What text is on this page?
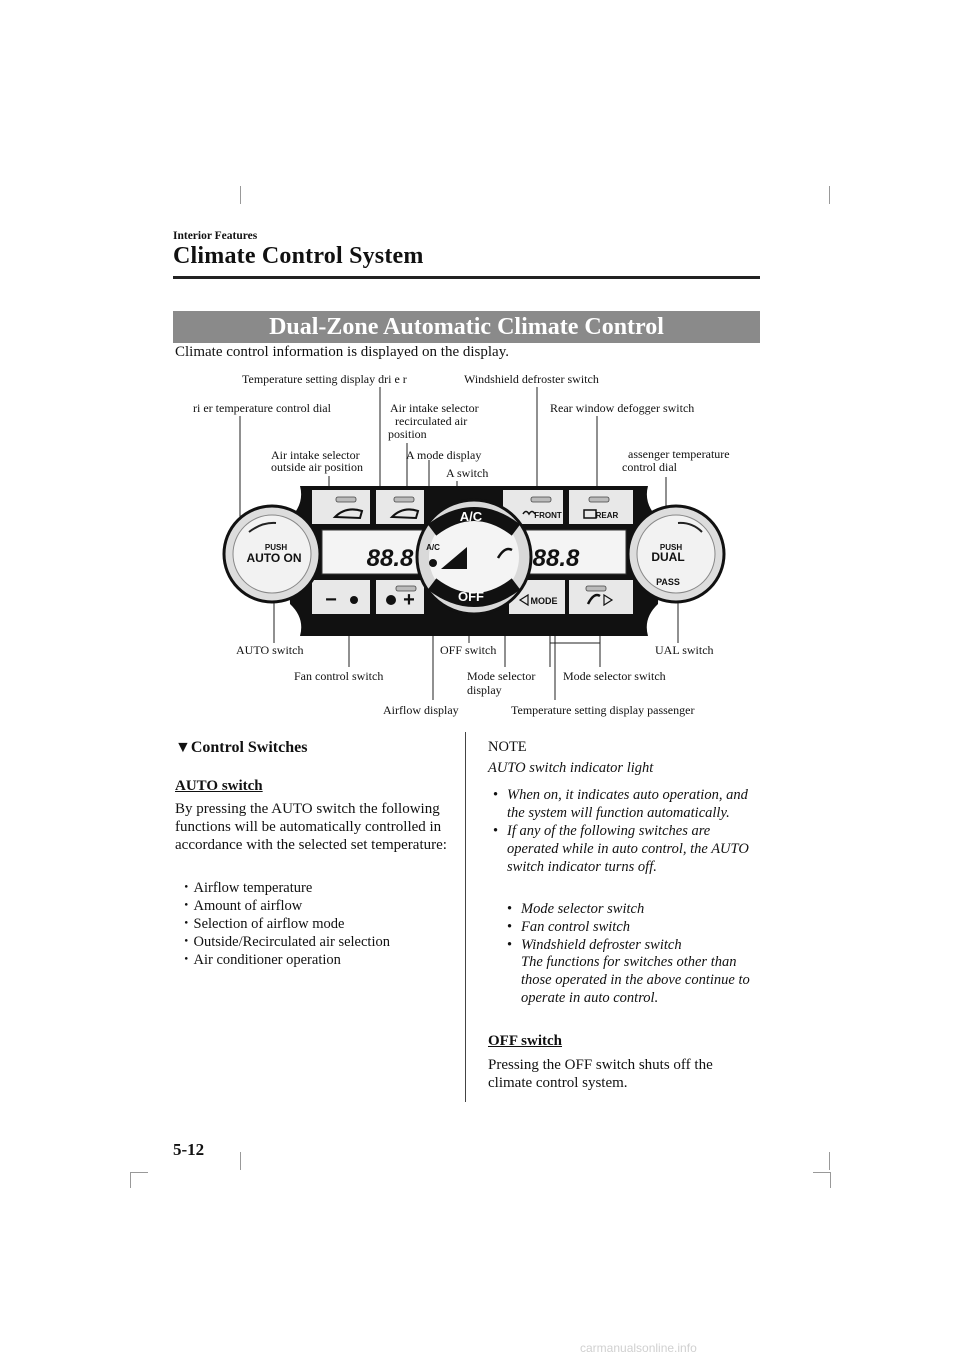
Interior Features
Climate Control System
Dual-Zone Automatic Climate Control
Climate control information is displayed on the display.
PUSH
AUTO ON
PUSH
DUAL
PASS
A/C
OFF
A/C
FRONT	REAR
MODE
88.8	88.8
−	+
Temperature setting display dri e r	Windshield defroster switch
ri er temperature control dial	Air intake selector
recirculated air
position
Rear window defogger switch
Air intake selector
outside air position
A mode display
A switch
assenger temperature
control dial
AUTO switch	OFF switch	UAL switch
Fan control switch	Mode selector
display
Mode selector switch
Airflow display	Temperature setting display passenger
▼Control Switches
AUTO switch
By pressing the AUTO switch the following functions will be automatically controlled in accordance with the selected set temperature:
・ Airflow temperature
・ Amount of airflow
・ Selection of airflow mode
・ Outside/Recirculated air selection
・ Air conditioner operation
NOTE
AUTO switch indicator light
• When on, it indicates auto operation, and the system will function automatically.
• If any of the following switches are operated while in auto control, the AUTO switch indicator turns off.
• Mode selector switch
• Fan control switch
• Windshield defroster switch
The functions for switches other than those operated in the above continue to operate in auto control.
OFF switch
Pressing the OFF switch shuts off the climate control system.
5-12
carmanualsonline.info
